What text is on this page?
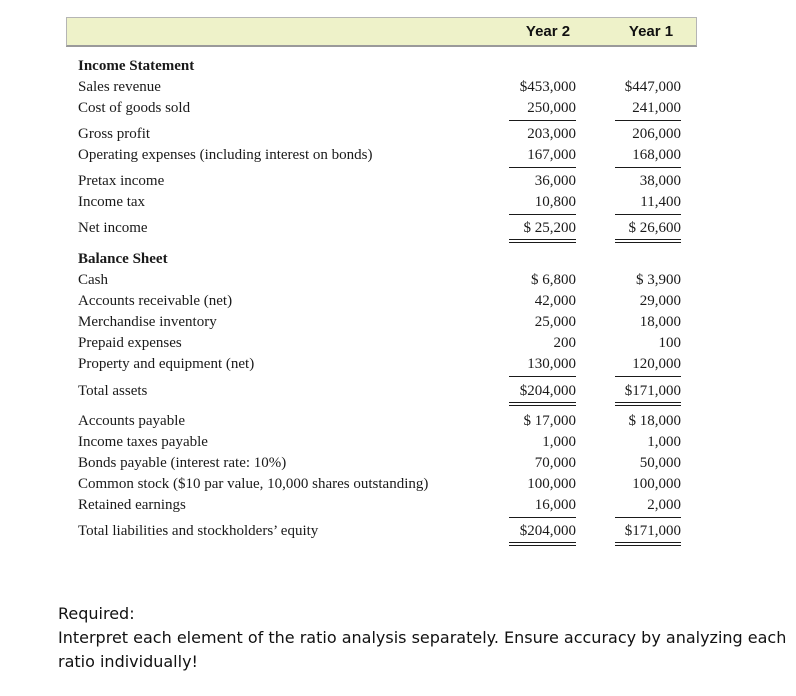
Year 2	Year 1
Income Statement
Sales revenue	$453,000	$447,000
Cost of goods sold	250,000	241,000
Gross profit	203,000	206,000
Operating expenses (including interest on bonds)	167,000	168,000
Pretax income	36,000	38,000
Income tax	10,800	11,400
Net income	$ 25,200	$ 26,600
Balance Sheet
Cash	$ 6,800	$ 3,900
Accounts receivable (net)	42,000	29,000
Merchandise inventory	25,000	18,000
Prepaid expenses	200	100
Property and equipment (net)	130,000	120,000
Total assets	$204,000	$171,000
Accounts payable	$ 17,000	$ 18,000
Income taxes payable	1,000	1,000
Bonds payable (interest rate: 10%)	70,000	50,000
Common stock ($10 par value, 10,000 shares outstanding)	100,000	100,000
Retained earnings	16,000	2,000
Total liabilities and stockholders’ equity	$204,000	$171,000
Required:
Interpret each element of the ratio analysis separately. Ensure accuracy by analyzing each
ratio individually!
